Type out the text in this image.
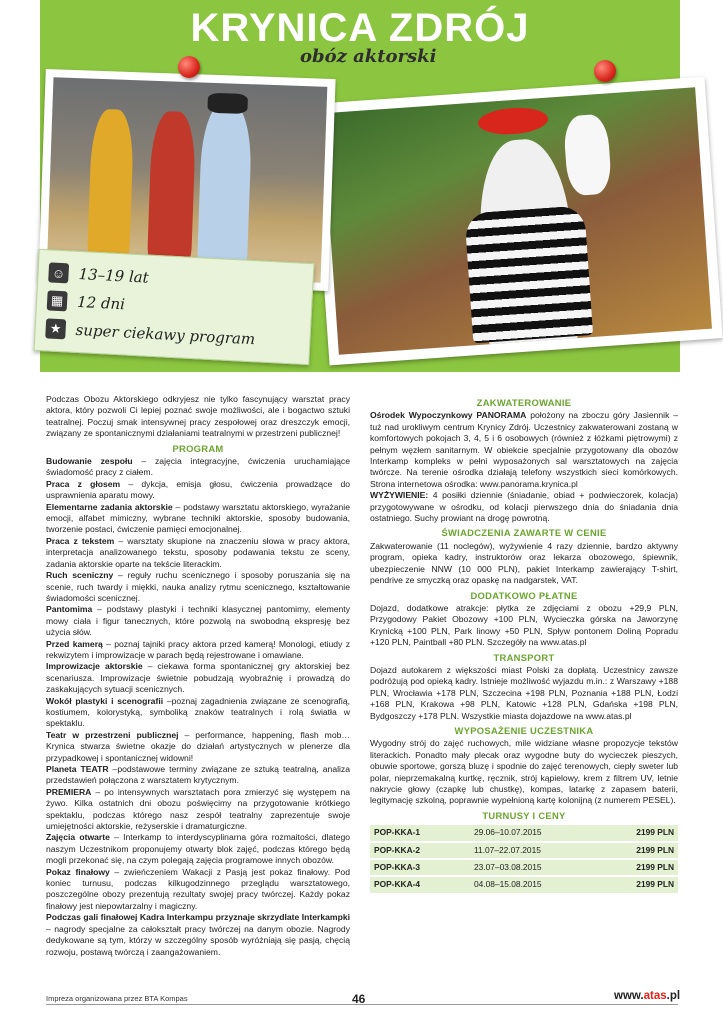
KRYNICA ZDRÓJ
obóz aktorski
☺ 13–19 lat
▦ 12 dni
★ super ciekawy program

Podczas Obozu Aktorskiego odkryjesz nie tylko fascynujący warsztat pracy aktora, który pozwoli Ci lepiej poznać swoje możliwości, ale i bogactwo sztuki teatralnej. Poczuj smak intensywnej pracy zespołowej oraz dreszczyk emocji, związany ze spontanicznymi działaniami teatralnymi w przestrzeni publicznej!

PROGRAM

Budowanie zespołu – zajęcia integracyjne, ćwiczenia uruchamiające świadomość pracy z ciałem.

Praca z głosem – dykcja, emisja głosu, ćwiczenia prowadzące do usprawnienia aparatu mowy.

Elementarne zadania aktorskie – podstawy warsztatu aktorskiego, wyrażanie emocji, alfabet mimiczny, wybrane techniki aktorskie, sposoby budowania, tworzenie postaci, ćwiczenie pamięci emocjonalnej.

Praca z tekstem – warsztaty skupione na znaczeniu słowa w pracy aktora, interpretacja analizowanego tekstu, sposoby podawania tekstu ze sceny, zadania aktorskie oparte na tekście literackim.

Ruch sceniczny – reguły ruchu scenicznego i sposoby poruszania się na scenie, ruch twardy i miękki, nauka analizy rytmu scenicznego, kształtowanie świadomości scenicznej.

Pantomima – podstawy plastyki i techniki klasycznej pantomimy, elementy mowy ciała i figur tanecznych, które pozwolą na swobodną ekspresję bez użycia słów.

Przed kamerą – poznaj tajniki pracy aktora przed kamerą! Monologi, etiudy z rekwizytem i improwizacje w parach będą rejestrowane i omawiane.

Improwizacje aktorskie – ciekawa forma spontanicznej gry aktorskiej bez scenariusza. Improwizacje świetnie pobudzają wyobraźnię i prowadzą do zaskakujących sytuacji scenicznych.

Wokół plastyki i scenografii –poznaj zagadnienia związane ze scenografią, kostiumem, kolorystyką, symboliką znaków teatralnych i rolą światła w spektaklu.

Teatr w przestrzeni publicznej – performance, happening, flash mob… Krynica stwarza świetne okazje do działań artystycznych w plenerze dla przypadkowej i spontanicznej widowni!

Planeta TEATR –podstawowe terminy związane ze sztuką teatralną, analiza przedstawień połączona z warsztatem krytycznym.

PREMIERA – po intensywnych warsztatach pora zmierzyć się występem na żywo. Kilka ostatnich dni obozu poświęcimy na przygotowanie krótkiego spektaklu, podczas którego nasz zespół teatralny zaprezentuje swoje umiejętności aktorskie, reżyserskie i dramaturgiczne.

Zajęcia otwarte – Interkamp to interdyscyplinarna góra rozmaitości, dlatego naszym Uczestnikom proponujemy otwarty blok zajęć, podczas którego będą mogli przekonać się, na czym polegają zajęcia programowe innych obozów.

Pokaz finałowy – zwieńczeniem Wakacji z Pasją jest pokaz finałowy. Pod koniec turnusu, podczas kilkugodzinnego przeglądu warsztatowego, poszczególne obozy prezentują rezultaty swojej pracy twórczej. Każdy pokaz finałowy jest niepowtarzalny i magiczny.

Podczas gali finałowej Kadra Interkampu przyznaje skrzydlate Interkampki – nagrody specjalne za całokształt pracy twórczej na danym obozie. Nagrody dedykowane są tym, którzy w szczególny sposób wyróżniają się pasją, chęcią rozwoju, postawą twórczą i zaangażowaniem.

ZAKWATEROWANIE

Ośrodek Wypoczynkowy PANORAMA położony na zboczu góry Jasiennik – tuż nad urokliwym centrum Krynicy Zdrój. Uczestnicy zakwaterowani zostaną w komfortowych pokojach 3, 4, 5 i 6 osobowych (również z łóżkami piętrowymi) z pełnym węzłem sanitarnym. W obiekcie specjalnie przygotowany dla obozów Interkamp kompleks w pełni wyposażonych sal warsztatowych na zajęcia twórcze. Na terenie ośrodka działają telefony wszystkich sieci komórkowych. Strona internetowa ośrodka: www.panorama.krynica.pl

WYŻYWIENIE: 4 posiłki dziennie (śniadanie, obiad + podwieczorek, kolacja) przygotowywane w ośrodku, od kolacji pierwszego dnia do śniadania dnia ostatniego. Suchy prowiant na drogę powrotną.

ŚWIADCZENIA ZAWARTE W CENIE

Zakwaterowanie (11 noclegów), wyżywienie 4 razy dziennie, bardzo aktywny program, opieka kadry, instruktorów oraz lekarza obozowego, śpiewnik, ubezpieczenie NNW (10 000 PLN), pakiet Interkamp zawierający T-shirt, pendrive ze smyczką oraz opaskę na nadgarstek, VAT.

DODATKOWO PŁATNE

Dojazd, dodatkowe atrakcje: płytka ze zdjęciami z obozu +29,9 PLN, Przygodowy Pakiet Obozowy +100 PLN, Wycieczka górska na Jaworzynę Krynicką +100 PLN, Park linowy +50 PLN, Spływ pontonem Doliną Popradu +120 PLN, Paintball +80 PLN. Szczegóły na www.atas.pl

TRANSPORT

Dojazd autokarem z większości miast Polski za dopłatą. Uczestnicy zawsze podróżują pod opieką kadry. Istnieje możliwość wyjazdu m.in.: z Warszawy +188 PLN, Wrocławia +178 PLN, Szczecina +198 PLN, Poznania +188 PLN, Łodzi +168 PLN, Krakowa +98 PLN, Katowic +128 PLN, Gdańska +198 PLN, Bydgoszczy +178 PLN. Wszystkie miasta dojazdowe na www.atas.pl

WYPOSAŻENIE UCZESTNIKA

Wygodny strój do zajęć ruchowych, mile widziane własne propozycje tekstów literackich. Ponadto mały plecak oraz wygodne buty do wycieczek pieszych, obuwie sportowe, gorszą bluzę i spodnie do zajęć terenowych, ciepły sweter lub polar, nieprzemakalną kurtkę, ręcznik, strój kąpielowy, krem z filtrem UV, letnie nakrycie głowy (czapkę lub chustkę), kompas, latarkę z zapasem baterii, legitymację szkolną, poprawnie wypełnioną kartę kolonijną (z numerem PESEL).

TURNUSY I CENY
POP-KKA-1	29.06–10.07.2015	2199 PLN
POP-KKA-2	11.07–22.07.2015	2199 PLN
POP-KKA-3	23.07–03.08.2015	2199 PLN
POP-KKA-4	04.08–15.08.2015	2199 PLN
Impreza organizowana przez BTA Kompas	46	www.atas.pl
